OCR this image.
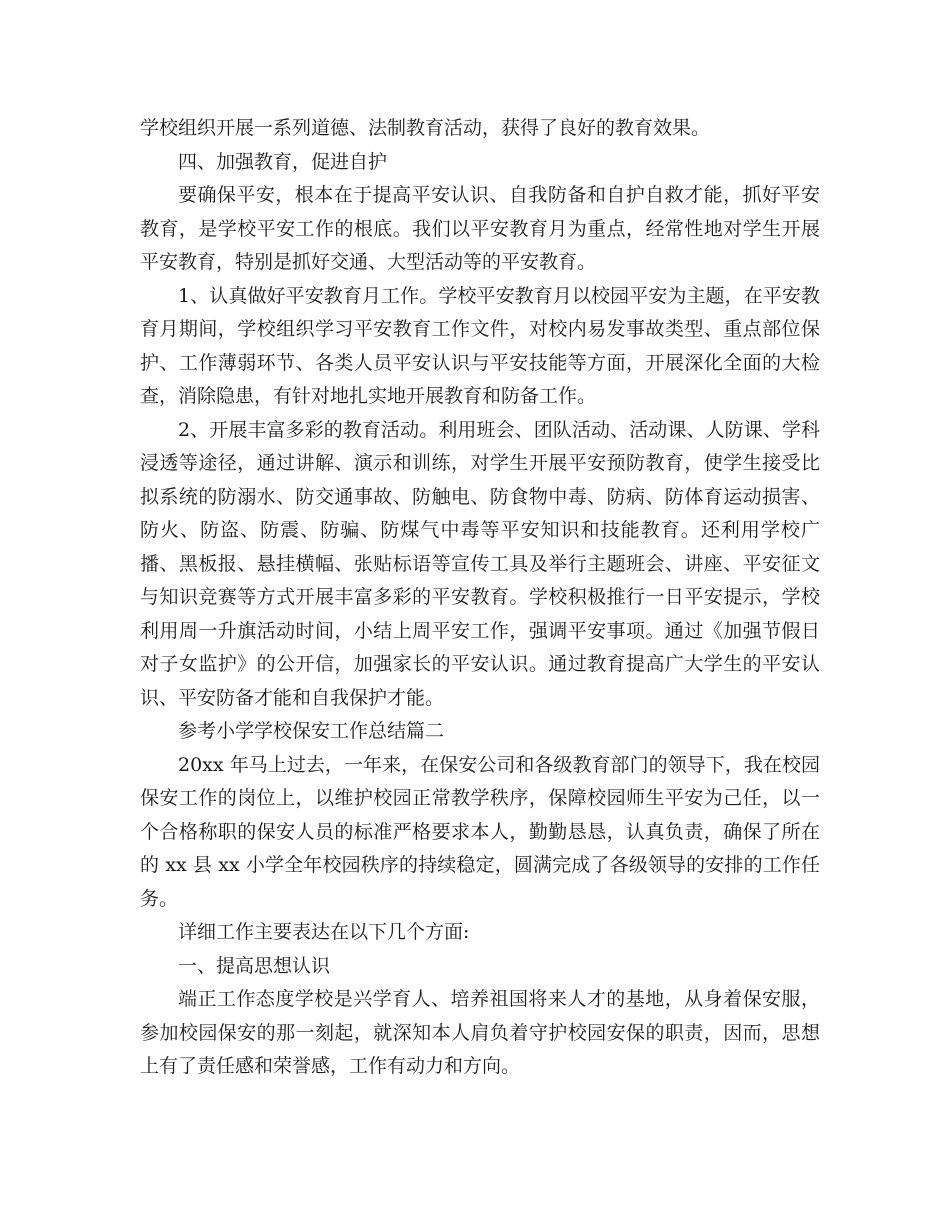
学校组织开展一系列道德、法制教育活动，获得了良好的教育效果。

四、加强教育，促进自护

要确保平安，根本在于提高平安认识、自我防备和自护自救才能，抓好平安教育，是学校平安工作的根底。我们以平安教育月为重点，经常性地对学生开展平安教育，特别是抓好交通、大型活动等的平安教育。

1、认真做好平安教育月工作。学校平安教育月以校园平安为主题，在平安教育月期间，学校组织学习平安教育工作文件，对校内易发事故类型、重点部位保护、工作薄弱环节、各类人员平安认识与平安技能等方面，开展深化全面的大检查，消除隐患，有针对地扎实地开展教育和防备工作。

2、开展丰富多彩的教育活动。利用班会、团队活动、活动课、人防课、学科浸透等途径，通过讲解、演示和训练，对学生开展平安预防教育，使学生接受比拟系统的防溺水、防交通事故、防触电、防食物中毒、防病、防体育运动损害、防火、防盗、防震、防骗、防煤气中毒等平安知识和技能教育。还利用学校广播、黑板报、悬挂横幅、张贴标语等宣传工具及举行主题班会、讲座、平安征文与知识竞赛等方式开展丰富多彩的平安教育。学校积极推行一日平安提示，学校利用周一升旗活动时间，小结上周平安工作，强调平安事项。通过《加强节假日对子女监护》的公开信，加强家长的平安认识。通过教育提高广大学生的平安认识、平安防备才能和自我保护才能。

参考小学学校保安工作总结篇二

20xx 年马上过去，一年来，在保安公司和各级教育部门的领导下，我在校园保安工作的岗位上，以维护校园正常教学秩序，保障校园师生平安为己任，以一个合格称职的保安人员的标准严格要求本人，勤勤恳恳，认真负责，确保了所在的 xx 县 xx 小学全年校园秩序的持续稳定，圆满完成了各级领导的安排的工作任务。

详细工作主要表达在以下几个方面:

一、提高思想认识

端正工作态度学校是兴学育人、培养祖国将来人才的基地，从身着保安服，参加校园保安的那一刻起，就深知本人肩负着守护校园安保的职责，因而，思想上有了责任感和荣誉感，工作有动力和方向。
